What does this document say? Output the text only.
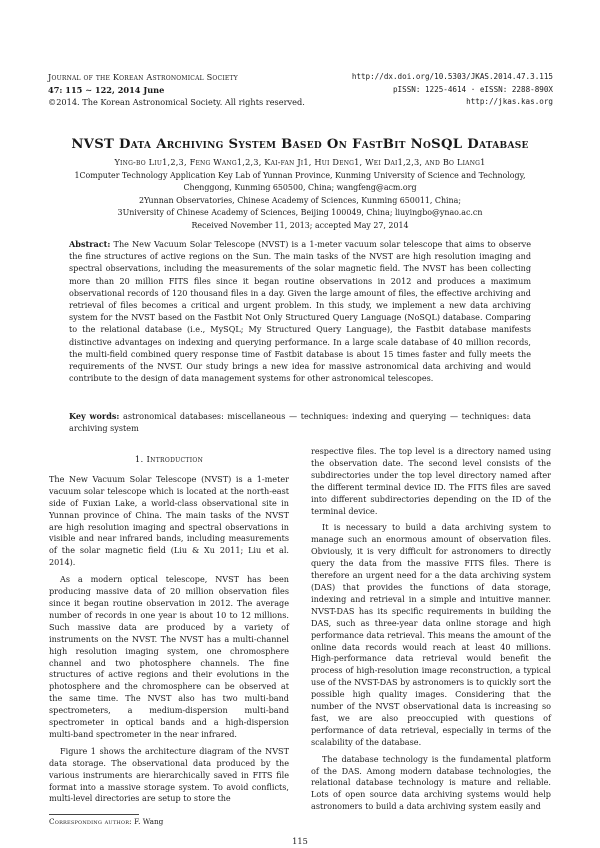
Journal of the Korean Astronomical Society
47: 115 ∼ 122, 2014 June
©2014. The Korean Astronomical Society. All rights reserved.
http://dx.doi.org/10.5303/JKAS.2014.47.3.115
pISSN: 1225-4614 · eISSN: 2288-890X
http://jkas.kas.org
NVST Data Archiving System Based On FastBit NoSQL Database
Ying-bo Liu1,2,3, Feng Wang1,2,3, Kai-fan Ji1, Hui Deng1, Wei Dai1,2,3, and Bo Liang1
1Computer Technology Application Key Lab of Yunnan Province, Kunming University of Science and Technology,
Chenggong, Kunming 650500, China; wangfeng@acm.org
2Yunnan Observatories, Chinese Academy of Sciences, Kunming 650011, China;
3University of Chinese Academy of Sciences, Beijing 100049, China; liuyingbo@ynao.ac.cn
Received November 11, 2013; accepted May 27, 2014
Abstract: The New Vacuum Solar Telescope (NVST) is a 1-meter vacuum solar telescope that aims to observe the fine structures of active regions on the Sun. The main tasks of the NVST are high resolution imaging and spectral observations, including the measurements of the solar magnetic field. The NVST has been collecting more than 20 million FITS files since it began routine observations in 2012 and produces a maximum observational records of 120 thousand files in a day. Given the large amount of files, the effective archiving and retrieval of files becomes a critical and urgent problem. In this study, we implement a new data archiving system for the NVST based on the Fastbit Not Only Structured Query Language (NoSQL) database. Comparing to the relational database (i.e., MySQL; My Structured Query Language), the Fastbit database manifests distinctive advantages on indexing and querying performance. In a large scale database of 40 million records, the multi-field combined query response time of Fastbit database is about 15 times faster and fully meets the requirements of the NVST. Our study brings a new idea for massive astronomical data archiving and would contribute to the design of data management systems for other astronomical telescopes.
Key words: astronomical databases: miscellaneous — techniques: indexing and querying — techniques: data archiving system
1. Introduction

The New Vacuum Solar Telescope (NVST) is a 1-meter vacuum solar telescope which is located at the north-east side of Fuxian Lake, a world-class observational site in Yunnan province of China. The main tasks of the NVST are high resolution imaging and spectral observations in visible and near infrared bands, including measurements of the solar magnetic field (Liu & Xu 2011; Liu et al. 2014).

As a modern optical telescope, NVST has been producing massive data of 20 million observation files since it began routine observation in 2012. The average number of records in one year is about 10 to 12 millions. Such massive data are produced by a variety of instruments on the NVST. The NVST has a multi-channel high resolution imaging system, one chromosphere channel and two photosphere channels. The fine structures of active regions and their evolutions in the photosphere and the chromosphere can be observed at the same time. The NVST also has two multi-band spectrometers, a medium-dispersion multi-band spectrometer in optical bands and a high-dispersion multi-band spectrometer in the near infrared.

Figure 1 shows the architecture diagram of the NVST data storage. The observational data produced by the various instruments are hierarchically saved in FITS file format into a massive storage system. To avoid conflicts, multi-level directories are setup to store the

respective files. The top level is a directory named using the observation date. The second level consists of the subdirectories under the top level directory named after the different terminal device ID. The FITS files are saved into different subdirectories depending on the ID of the terminal device.

It is necessary to build a data archiving system to manage such an enormous amount of observation files. Obviously, it is very difficult for astronomers to directly query the data from the massive FITS files. There is therefore an urgent need for a the data archiving system (DAS) that provides the functions of data storage, indexing and retrieval in a simple and intuitive manner. NVST-DAS has its specific requirements in building the DAS, such as three-year data online storage and high performance data retrieval. This means the amount of the online data records would reach at least 40 millions. High-performance data retrieval would benefit the process of high-resolution image reconstruction, a typical use of the NVST-DAS by astronomers is to quickly sort the possible high quality images. Considering that the number of the NVST observational data is increasing so fast, we are also preoccupied with questions of performance of data retrieval, especially in terms of the scalability of the database.

The database technology is the fundamental platform of the DAS. Among modern database technologies, the relational database technology is mature and reliable. Lots of open source data archiving systems would help astronomers to build a data archiving system easily and

Corresponding author: F. Wang
115
